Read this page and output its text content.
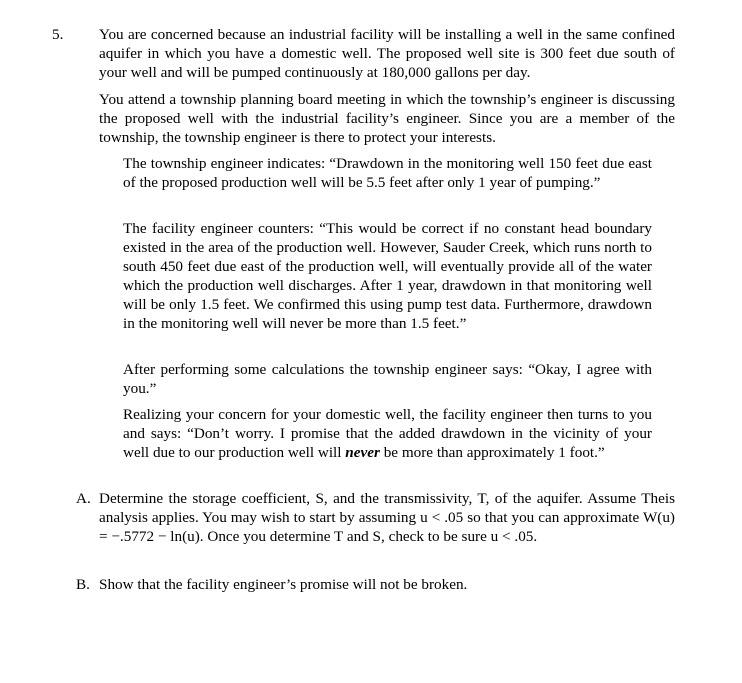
5. You are concerned because an industrial facility will be installing a well in the same confined aquifer in which you have a domestic well. The proposed well site is 300 feet due south of your well and will be pumped continuously at 180,000 gallons per day.

You attend a township planning board meeting in which the township’s engineer is discussing the proposed well with the industrial facility’s engineer. Since you are a member of the township, the township engineer is there to protect your interests.

The township engineer indicates: “Drawdown in the monitoring well 150 feet due east of the proposed production well will be 5.5 feet after only 1 year of pumping.”

The facility engineer counters: “This would be correct if no constant head boundary existed in the area of the production well. However, Sauder Creek, which runs north to south 450 feet due east of the production well, will eventually provide all of the water which the production well discharges. After 1 year, drawdown in that monitoring well will be only 1.5 feet. We confirmed this using pump test data. Furthermore, drawdown in the monitoring well will never be more than 1.5 feet.”

After performing some calculations the township engineer says: “Okay, I agree with you.”

Realizing your concern for your domestic well, the facility engineer then turns to you and says: “Don’t worry. I promise that the added drawdown in the vicinity of your well due to our production well will never be more than approximately 1 foot.”

A. Determine the storage coefficient, S, and the transmissivity, T, of the aquifer. Assume Theis analysis applies. You may wish to start by assuming u < .05 so that you can approximate W(u) = −.5772 − ln(u). Once you determine T and S, check to be sure u < .05.

B. Show that the facility engineer’s promise will not be broken.
